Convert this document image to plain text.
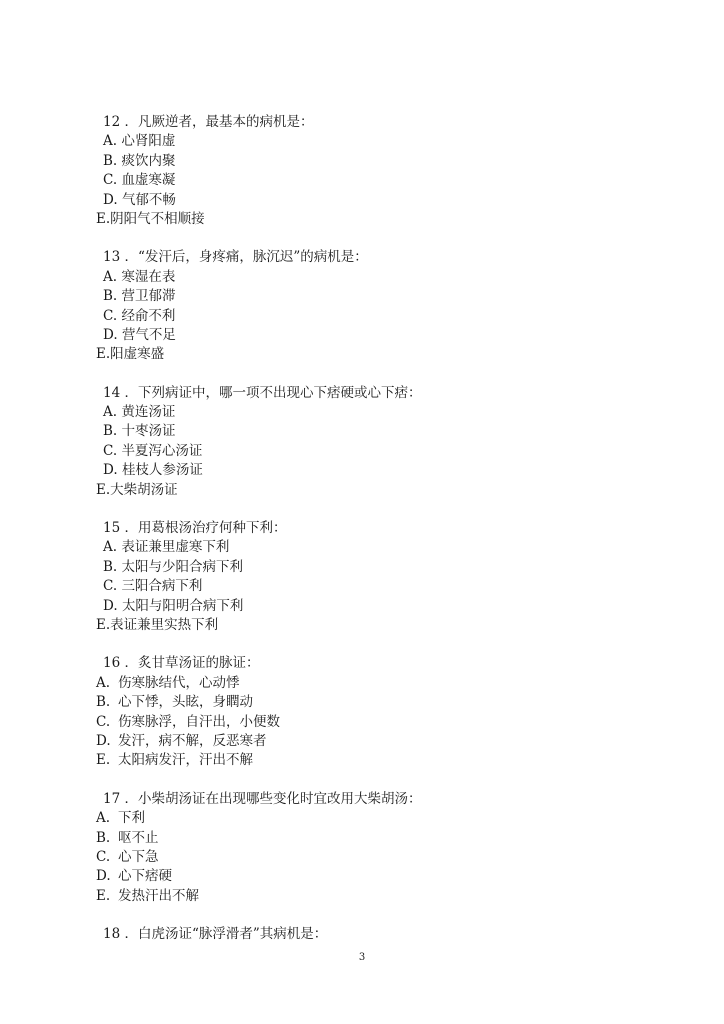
12 ．凡厥逆者，最基本的病机是：
A. 心肾阳虚
B. 痰饮内聚
C. 血虚寒凝
D. 气郁不畅
E.阴阳气不相顺接
13 ．“发汗后，身疼痛，脉沉迟”的病机是：
A. 寒湿在表
B. 营卫郁滞
C. 经俞不利
D. 营气不足
E.阳虚寒盛
14 ．下列病证中，哪一项不出现心下痞硬或心下痞：
A. 黄连汤证
B. 十枣汤证
C. 半夏泻心汤证
D. 桂枝人参汤证
E.大柴胡汤证
15 ．用葛根汤治疗何种下利：
A. 表证兼里虚寒下利
B. 太阳与少阳合病下利
C. 三阳合病下利
D. 太阳与阳明合病下利
E.表证兼里实热下利
16 ．炙甘草汤证的脉证：
A. 伤寒脉结代，心动悸
B. 心下悸，头眩，身瞤动
C. 伤寒脉浮，自汗出，小便数
D. 发汗，病不解，反恶寒者
E. 太阳病发汗，汗出不解
17 ．小柴胡汤证在出现哪些变化时宜改用大柴胡汤：
A. 下利
B. 呕不止
C. 心下急
D. 心下痞硬
E. 发热汗出不解
18 ．白虎汤证“脉浮滑者”其病机是：
3
